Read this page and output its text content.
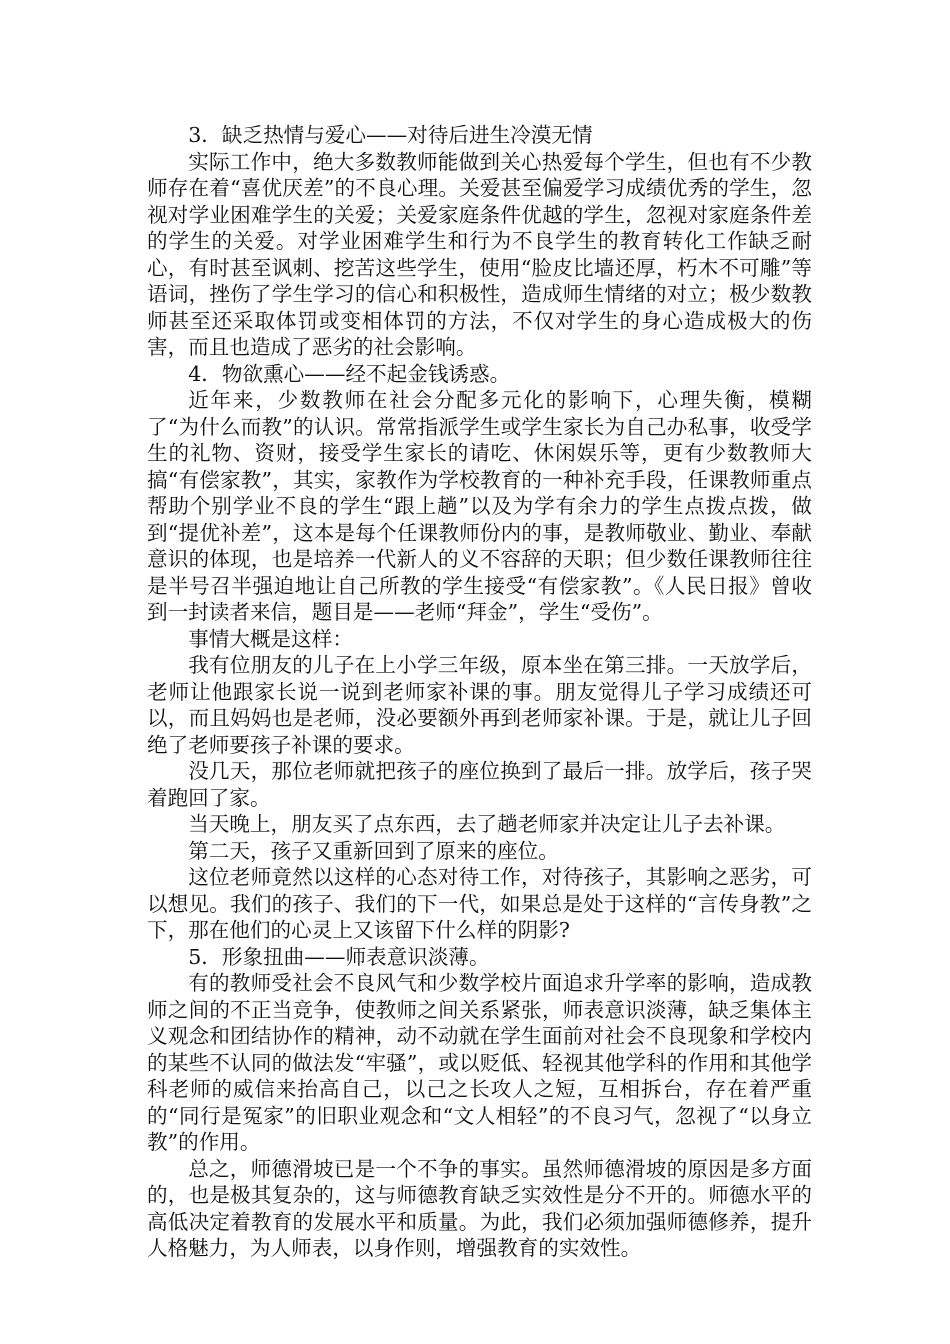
3．缺乏热情与爱心——对待后进生冷漠无情

实际工作中，绝大多数教师能做到关心热爱每个学生，但也有不少教师存在着“喜优厌差”的不良心理。关爱甚至偏爱学习成绩优秀的学生，忽视对学业困难学生的关爱；关爱家庭条件优越的学生，忽视对家庭条件差的学生的关爱。对学业困难学生和行为不良学生的教育转化工作缺乏耐心，有时甚至讽刺、挖苦这些学生，使用“脸皮比墙还厚，朽木不可雕”等语词，挫伤了学生学习的信心和积极性，造成师生情绪的对立；极少数教师甚至还采取体罚或变相体罚的方法，不仅对学生的身心造成极大的伤害，而且也造成了恶劣的社会影响。

4．物欲熏心——经不起金钱诱惑。

近年来，少数教师在社会分配多元化的影响下，心理失衡，模糊了“为什么而教”的认识。常常指派学生或学生家长为自己办私事，收受学生的礼物、资财，接受学生家长的请吃、休闲娱乐等，更有少数教师大搞“有偿家教”，其实，家教作为学校教育的一种补充手段，任课教师重点帮助个别学业不良的学生“跟上趟”以及为学有余力的学生点拨点拨，做到“提优补差”，这本是每个任课教师份内的事，是教师敬业、勤业、奉献意识的体现，也是培养一代新人的义不容辞的天职；但少数任课教师往往是半号召半强迫地让自己所教的学生接受“有偿家教”。《人民日报》曾收到一封读者来信，题目是——老师“拜金”，学生“受伤”。

事情大概是这样：

我有位朋友的儿子在上小学三年级，原本坐在第三排。一天放学后，老师让他跟家长说一说到老师家补课的事。朋友觉得儿子学习成绩还可以，而且妈妈也是老师，没必要额外再到老师家补课。于是，就让儿子回绝了老师要孩子补课的要求。

没几天，那位老师就把孩子的座位换到了最后一排。放学后，孩子哭着跑回了家。

当天晚上，朋友买了点东西，去了趟老师家并决定让儿子去补课。

第二天，孩子又重新回到了原来的座位。

这位老师竟然以这样的心态对待工作，对待孩子，其影响之恶劣，可以想见。我们的孩子、我们的下一代，如果总是处于这样的“言传身教”之下，那在他们的心灵上又该留下什么样的阴影?

5．形象扭曲——师表意识淡薄。

有的教师受社会不良风气和少数学校片面追求升学率的影响，造成教师之间的不正当竞争，使教师之间关系紧张，师表意识淡薄，缺乏集体主义观念和团结协作的精神，动不动就在学生面前对社会不良现象和学校内的某些不认同的做法发“牢骚”，或以贬低、轻视其他学科的作用和其他学科老师的威信来抬高自己，以己之长攻人之短，互相拆台，存在着严重的“同行是冤家”的旧职业观念和“文人相轻”的不良习气，忽视了“以身立教”的作用。

总之，师德滑坡已是一个不争的事实。虽然师德滑坡的原因是多方面的，也是极其复杂的，这与师德教育缺乏实效性是分不开的。师德水平的高低决定着教育的发展水平和质量。为此，我们必须加强师德修养，提升人格魅力，为人师表，以身作则，增强教育的实效性。
